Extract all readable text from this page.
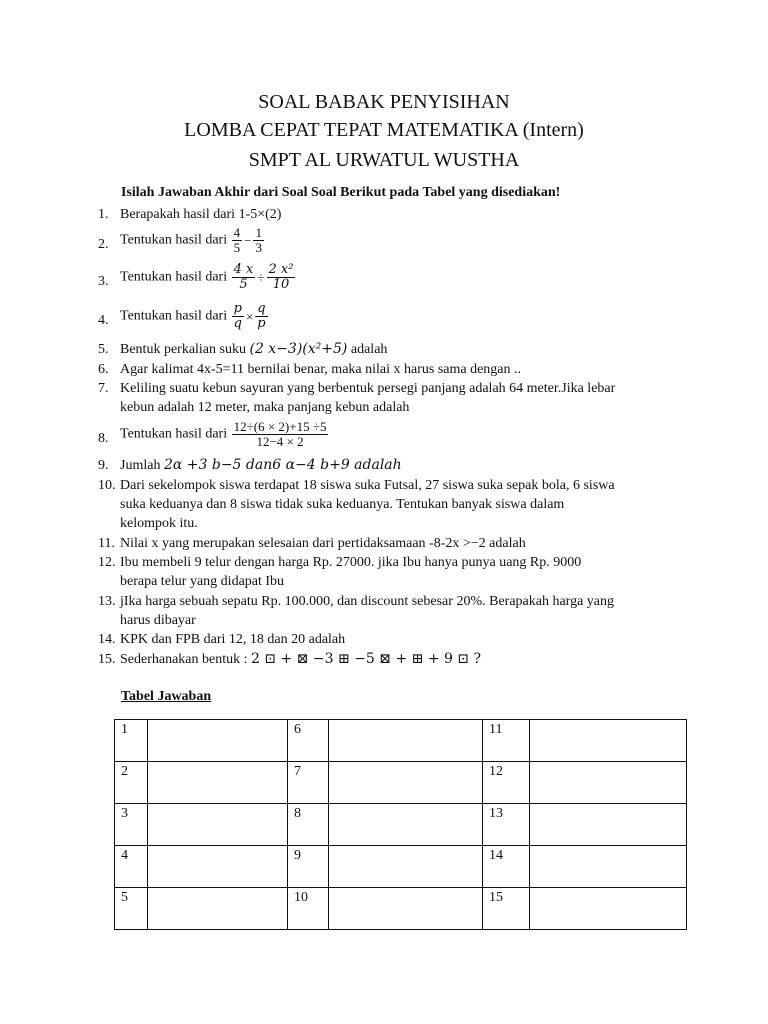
SOAL BABAK PENYISIHAN
LOMBA CEPAT TEPAT MATEMATIKA (Intern)
SMPT AL URWATUL WUSTHA

Isilah Jawaban Akhir dari Soal Soal Berikut pada Tabel yang disediakan!

1. Berapakah hasil dari 1-5×(2)
2. Tentukan hasil dari $\frac{4}{5} - \frac{1}{3}$
3. Tentukan hasil dari $\frac{4 x}{5} \div \frac{\text{2 x²}}{10}$
4. Tentukan hasil dari $\frac{p}{q} \times \frac{q}{p}$
5. Bentuk perkalian suku (2 x−3)(x²+5) adalah
6. Agar kalimat 4x-5=11 bernilai benar, maka nilai x harus sama dengan ..
7. Keliling suatu kebun sayuran yang berbentuk persegi panjang adalah 64 meter.Jika lebar
kebun adalah 12 meter, maka panjang kebun adalah
8. Tentukan hasil dari $\frac{12\div(6 \times 2)+15 \div 5}{12-4 \times 2}$
9. Jumlah 2α +3 b−5 dan6 α−4 b+9 adalah
10. Dari sekelompok siswa terdapat 18 siswa suka Futsal, 27 siswa suka sepak bola, 6 siswa
suka keduanya dan 8 siswa tidak suka keduanya. Tentukan banyak siswa dalam
kelompok itu.
11. Nilai x yang merupakan selesaian dari pertidaksamaan -8-2x >−2 adalah
12. Ibu membeli 9 telur dengan harga Rp. 27000. jika Ibu hanya punya uang Rp. 9000
berapa telur yang didapat Ibu
13. jIka harga sebuah sepatu Rp. 100.000, dan discount sebesar 20%. Berapakah harga yang
harus dibayar
14. KPK dan FPB dari 12, 18 dan 20 adalah
15. Sederhanakan bentuk : 2 ⊡ + ⊠ −3 ⊞ −5 ⊠ + ⊞ + 9 ⊡ ?
Tabel Jawaban
1		6		11	
2		7		12	
3		8		13	
4		9		14	
5		10		15	
